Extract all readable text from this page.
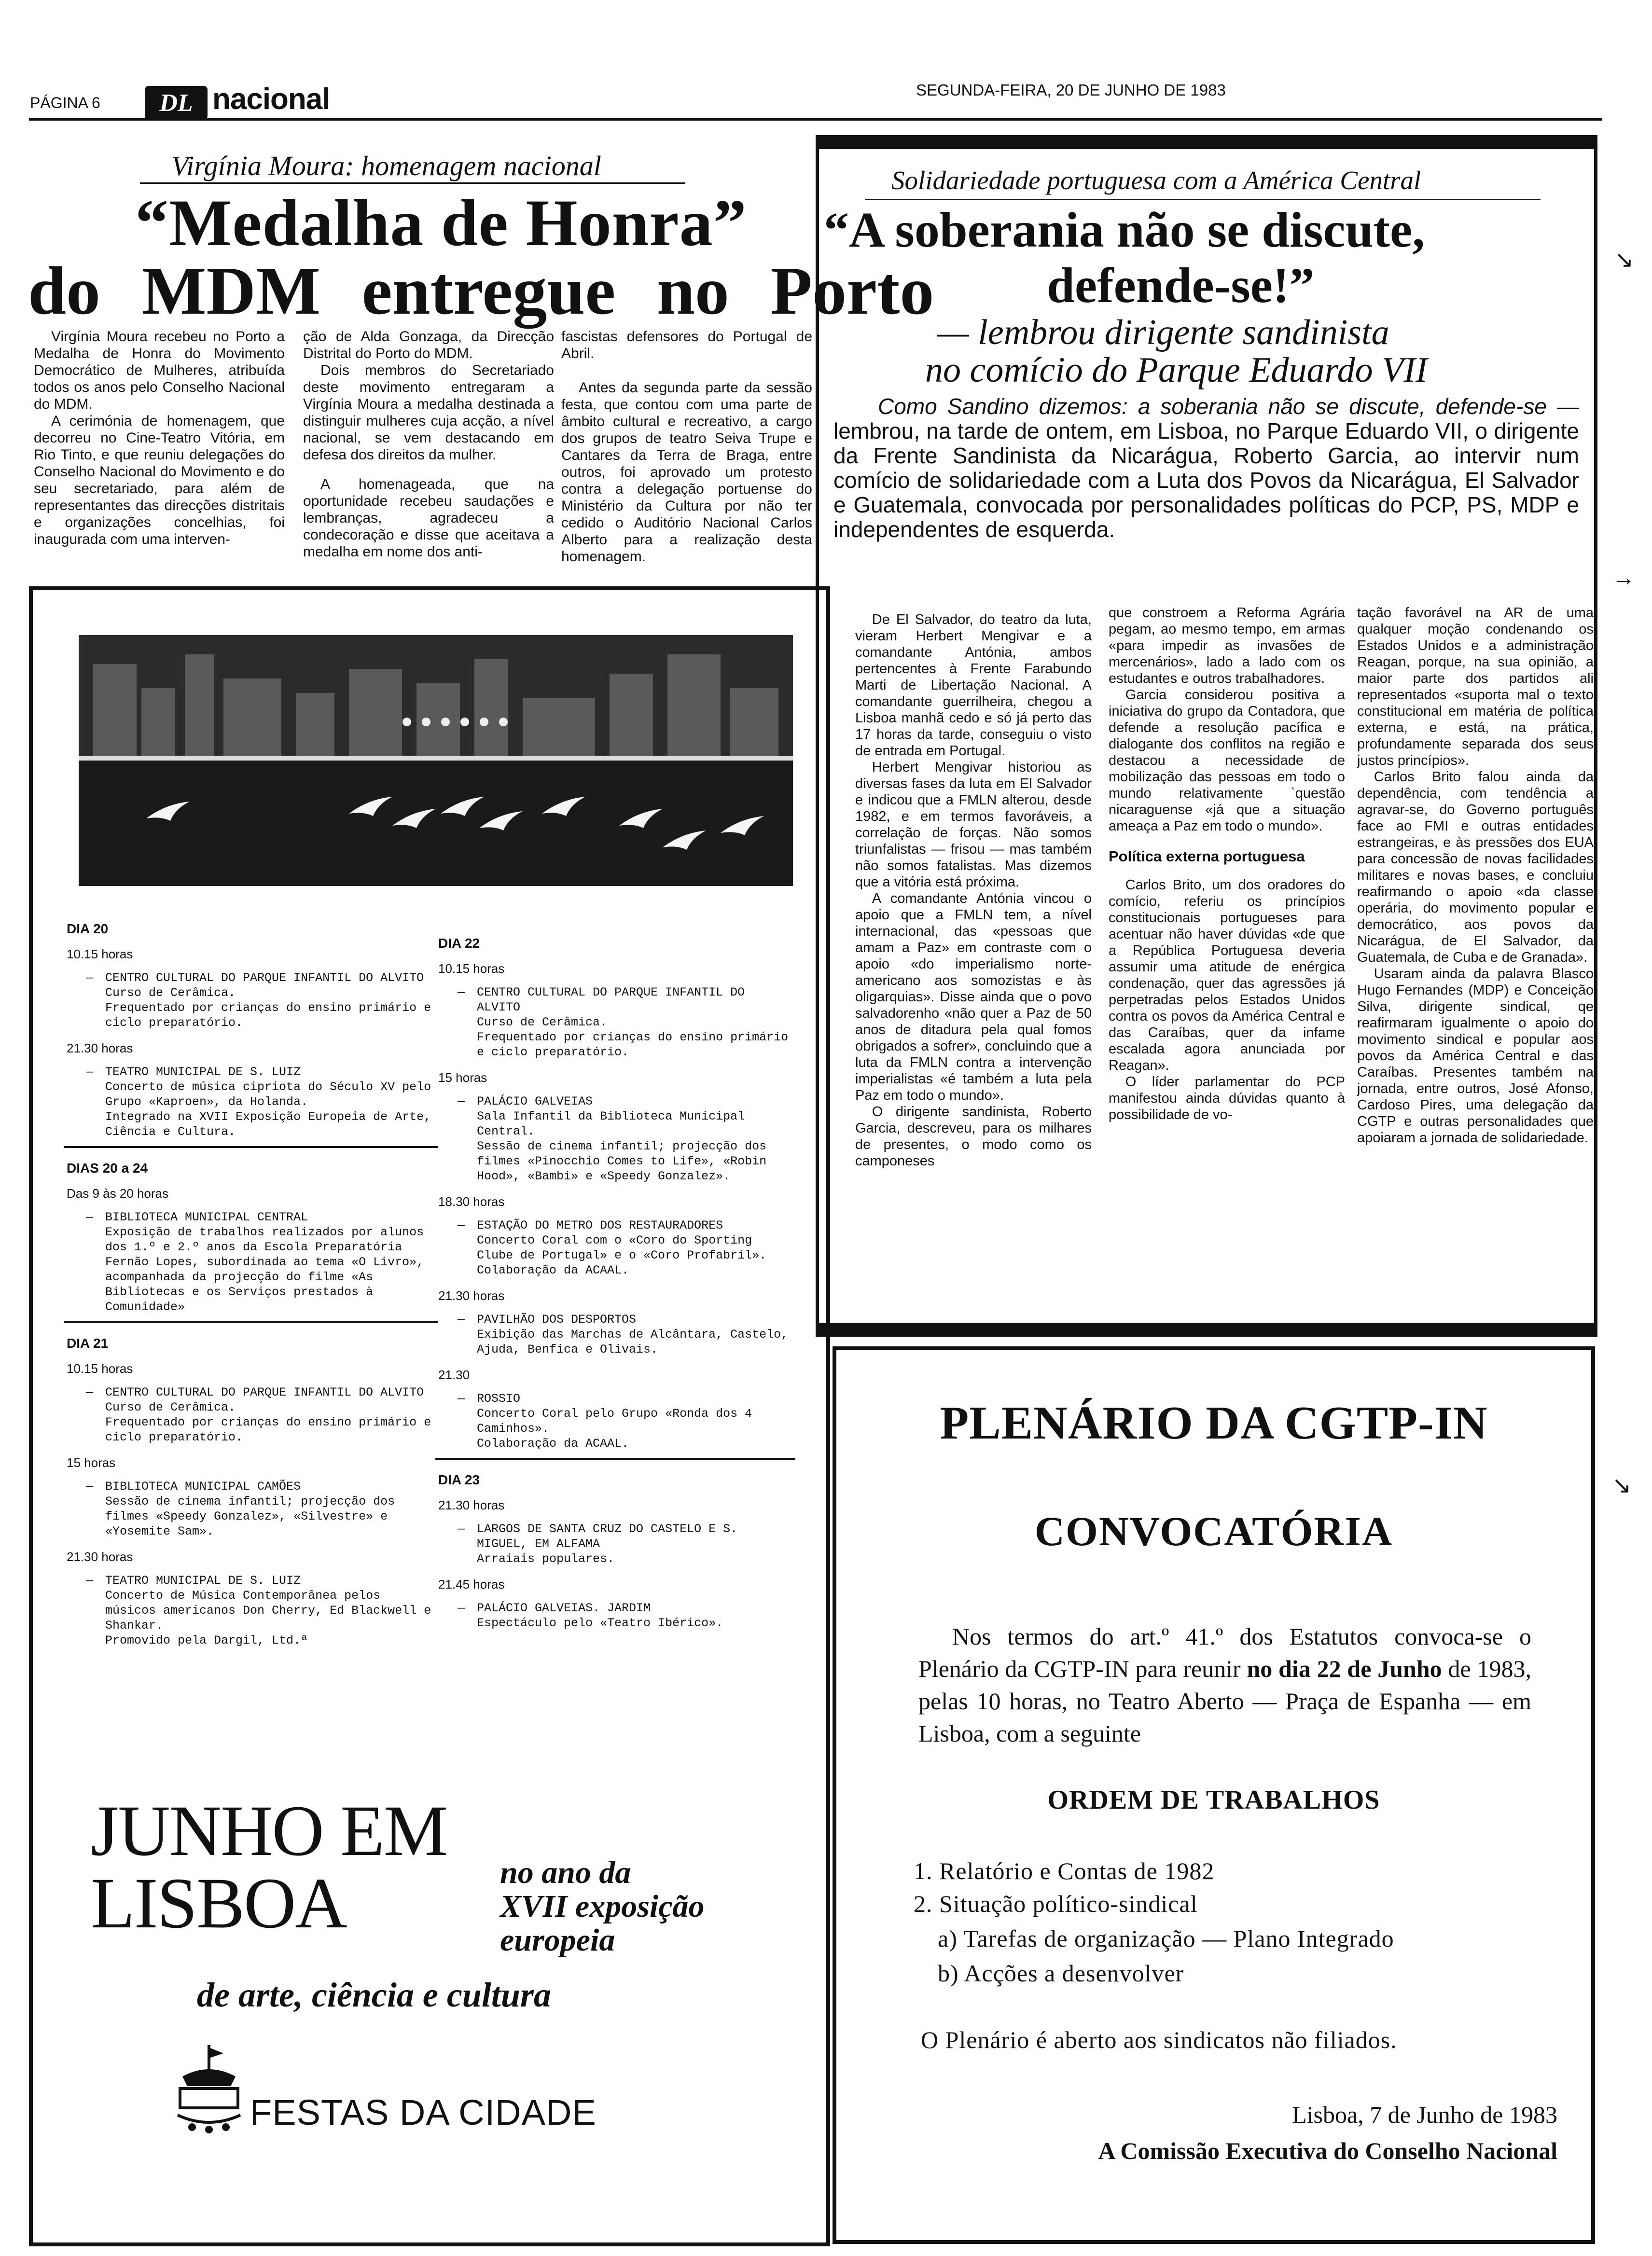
PÁGINA 6 DL nacional	SEGUNDA-FEIRA, 20 DE JUNHO DE 1983
Virgínia Moura: homenagem nacional
“Medalha de Honra”
do MDM entregue no Porto

Virgínia Moura recebeu no Porto a Medalha de Honra do Movimento Democrático de Mulheres, atribuída todos os anos pelo Conselho Nacional do MDM.

A cerimónia de homenagem, que decorreu no Cine-Teatro Vitória, em Rio Tinto, e que reuniu delegações do Conselho Nacional do Movimento e do seu secretariado, para além de representantes das direcções distritais e organizações concelhias, foi inaugurada com uma interven-

ção de Alda Gonzaga, da Direcção Distrital do Porto do MDM.

Dois membros do Secretariado deste movimento entregaram a Virgínia Moura a medalha destinada a distinguir mulheres cuja acção, a nível nacional, se vem destacando em defesa dos direitos da mulher.

A homenageada, que na oportunidade recebeu saudações e lembranças, agradeceu a condecoração e disse que aceitava a medalha em nome dos anti-

fascistas defensores do Portugal de Abril.

Antes da segunda parte da sessão festa, que contou com uma parte de âmbito cultural e recreativo, a cargo dos grupos de teatro Seiva Trupe e Cantares da Terra de Braga, entre outros, foi aprovado um protesto contra a delegação portuense do Ministério da Cultura por não ter cedido o Auditório Nacional Carlos Alberto para a realização desta homenagem.

DIA 20
10.15 horas
— CENTRO CULTURAL DO PARQUE INFANTIL DO ALVITO
Curso de Cerâmica.
Frequentado por crianças do ensino primário e ciclo preparatório.
21.30 horas
— TEATRO MUNICIPAL DE S. LUIZ
Concerto de música cipriota do Século XV pelo Grupo «Kaproen», da Holanda.
Integrado na XVII Exposição Europeia de Arte, Ciência e Cultura.
DIAS 20 a 24
Das 9 às 20 horas
— BIBLIOTECA MUNICIPAL CENTRAL
Exposição de trabalhos realizados por alunos dos 1.º e 2.º anos da Escola Preparatória Fernão Lopes, subordinada ao tema «O Livro», acompanhada da projecção do filme «As Bibliotecas e os Serviços prestados à Comunidade»
DIA 21
10.15 horas
— CENTRO CULTURAL DO PARQUE INFANTIL DO ALVITO
Curso de Cerâmica.
Frequentado por crianças do ensino primário e ciclo preparatório.
15 horas
— BIBLIOTECA MUNICIPAL CAMÕES
Sessão de cinema infantil; projecção dos filmes «Speedy Gonzalez», «Silvestre» e «Yosemite Sam».
21.30 horas
— TEATRO MUNICIPAL DE S. LUIZ
Concerto de Música Contemporânea pelos músicos americanos Don Cherry, Ed Blackwell e Shankar.
Promovido pela Dargil, Ltd.ª
DIA 22
10.15 horas
— CENTRO CULTURAL DO PARQUE INFANTIL DO ALVITO
Curso de Cerâmica.
Frequentado por crianças do ensino primário e ciclo preparatório.
15 horas
— PALÁCIO GALVEIAS
Sala Infantil da Biblioteca Municipal Central.
Sessão de cinema infantil; projecção dos filmes «Pinocchio Comes to Life», «Robin Hood», «Bambi» e «Speedy Gonzalez».
18.30 horas
— ESTAÇÃO DO METRO DOS RESTAURADORES
Concerto Coral com o «Coro do Sporting Clube de Portugal» e o «Coro Profabril».
Colaboração da ACAAL.
21.30 horas
— PAVILHÃO DOS DESPORTOS
Exibição das Marchas de Alcântara, Castelo, Ajuda, Benfica e Olivais.
21.30
— ROSSIO
Concerto Coral pelo Grupo «Ronda dos 4 Caminhos».
Colaboração da ACAAL.
DIA 23
21.30 horas
— LARGOS DE SANTA CRUZ DO CASTELO E S. MIGUEL, EM ALFAMA
Arraiais populares.
21.45 horas
— PALÁCIO GALVEIAS. JARDIM
Espectáculo pelo «Teatro Ibérico».
JUNHO EM
LISBOA	no ano da
XVII exposição
europeia
de arte, ciência e cultura
FESTAS DA CIDADE
Solidariedade portuguesa com a América Central
“A soberania não se discute,
defende-se!”
— lembrou dirigente sandinista
no comício do Parque Eduardo VII
Como Sandino dizemos: a soberania não se discute, defende-se — lembrou, na tarde de ontem, em Lisboa, no Parque Eduardo VII, o dirigente da Frente Sandinista da Nicarágua, Roberto Garcia, ao intervir num comício de solidariedade com a Luta dos Povos da Nicarágua, El Salvador e Guatemala, convocada por personalidades políticas do PCP, PS, MDP e independentes de esquerda.

De El Salvador, do teatro da luta, vieram Herbert Mengivar e a comandante Antónia, ambos pertencentes à Frente Farabundo Marti de Libertação Nacional. A comandante guerrilheira, chegou a Lisboa manhã cedo e só já perto das 17 horas da tarde, conseguiu o visto de entrada em Portugal.

Herbert Mengivar historiou as diversas fases da luta em El Salvador e indicou que a FMLN alterou, desde 1982, e em termos favoráveis, a correlação de forças. Não somos triunfalistas — frisou — mas também não somos fatalistas. Mas dizemos que a vitória está próxima.

A comandante Antónia vincou o apoio que a FMLN tem, a nível internacional, das «pessoas que amam a Paz» em contraste com o apoio «do imperialismo norte-americano aos somozistas e às oligarquias». Disse ainda que o povo salvadorenho «não quer a Paz de 50 anos de ditadura pela qual fomos obrigados a sofrer», concluindo que a luta da FMLN contra a intervenção imperialistas «é também a luta pela Paz em todo o mundo».

O dirigente sandinista, Roberto Garcia, descreveu, para os milhares de presentes, o modo como os camponeses

que constroem a Reforma Agrária pegam, ao mesmo tempo, em armas «para impedir as invasões de mercenários», lado a lado com os estudantes e outros trabalhadores.

Garcia considerou positiva a iniciativa do grupo da Contadora, que defende a resolução pacífica e dialogante dos conflitos na região e destacou a necessidade de mobilização das pessoas em todo o mundo relativamente `questão nicaraguense «já que a situação ameaça a Paz em todo o mundo».

Política externa portuguesa

Carlos Brito, um dos oradores do comício, referiu os princípios constitucionais portugueses para acentuar não haver dúvidas «de que a República Portuguesa deveria assumir uma atitude de enérgica condenação, quer das agressões já perpetradas pelos Estados Unidos contra os povos da América Central e das Caraíbas, quer da infame escalada agora anunciada por Reagan».

O líder parlamentar do PCP manifestou ainda dúvidas quanto à possibilidade de vo-

tação favorável na AR de uma qualquer moção condenando os Estados Unidos e a administração Reagan, porque, na sua opinião, a maior parte dos partidos ali representados «suporta mal o texto constitucional em matéria de política externa, e está, na prática, profundamente separada dos seus justos princípios».

Carlos Brito falou ainda da dependência, com tendência a agravar-se, do Governo português face ao FMI e outras entidades estrangeiras, e às pressões dos EUA para concessão de novas facilidades militares e novas bases, e concluiu reafirmando o apoio «da classe operária, do movimento popular e democrático, aos povos da Nicarágua, de El Salvador, da Guatemala, de Cuba e de Granada».

Usaram ainda da palavra Blasco Hugo Fernandes (MDP) e Conceição Silva, dirigente sindical, qe reafirmaram igualmente o apoio do movimento sindical e popular aos povos da América Central e das Caraíbas. Presentes também na jornada, entre outros, José Afonso, Cardoso Pires, uma delegação da CGTP e outras personalidades que apoiaram a jornada de solidariedade.

PLENÁRIO DA CGTP-IN
CONVOCATÓRIA
Nos termos do art.º 41.º dos Estatutos convoca-se o Plenário da CGTP-IN para reunir no dia 22 de Junho de 1983, pelas 10 horas, no Teatro Aberto — Praça de Espanha — em Lisboa, com a seguinte
ORDEM DE TRABALHOS
1. Relatório e Contas de 1982
2. Situação político-sindical
a) Tarefas de organização — Plano Integrado
b) Acções a desenvolver
O Plenário é aberto aos sindicatos não filiados.
Lisboa, 7 de Junho de 1983
A Comissão Executiva do Conselho Nacional
↘
→
↘
